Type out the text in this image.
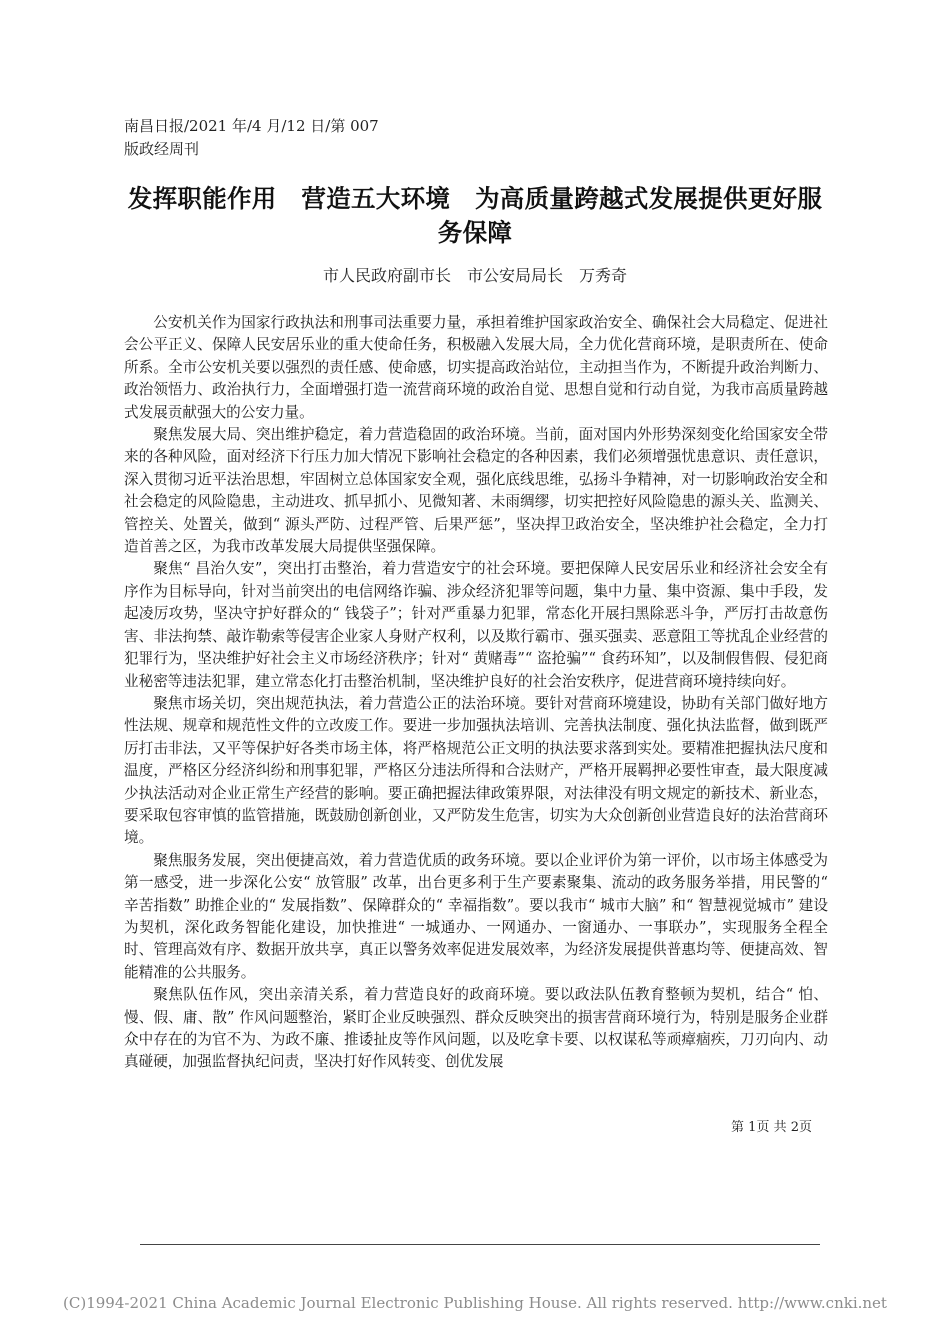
南昌日报/2021 年/4 月/12 日/第 007
版政经周刊
发挥职能作用　营造五大环境　为高质量跨越式发展提供更好服务保障
市人民政府副市长　市公安局局长　万秀奇

公安机关作为国家行政执法和刑事司法重要力量，承担着维护国家政治安全、确保社会大局稳定、促进社会公平正义、保障人民安居乐业的重大使命任务，积极融入发展大局，全力优化营商环境，是职责所在、使命所系。全市公安机关要以强烈的责任感、使命感，切实提高政治站位，主动担当作为，不断提升政治判断力、政治领悟力、政治执行力，全面增强打造一流营商环境的政治自觉、思想自觉和行动自觉，为我市高质量跨越式发展贡献强大的公安力量。

聚焦发展大局、突出维护稳定，着力营造稳固的政治环境。当前，面对国内外形势深刻变化给国家安全带来的各种风险，面对经济下行压力加大情况下影响社会稳定的各种因素，我们必须增强忧患意识、责任意识，深入贯彻习近平法治思想，牢固树立总体国家安全观，强化底线思维，弘扬斗争精神，对一切影响政治安全和社会稳定的风险隐患，主动进攻、抓早抓小、见微知著、未雨绸缪，切实把控好风险隐患的源头关、监测关、管控关、处置关，做到“ 源头严防、过程严管、后果严惩”，坚决捍卫政治安全，坚决维护社会稳定，全力打造首善之区，为我市改革发展大局提供坚强保障。

聚焦“ 昌治久安”，突出打击整治，着力营造安宁的社会环境。要把保障人民安居乐业和经济社会安全有序作为目标导向，针对当前突出的电信网络诈骗、涉众经济犯罪等问题，集中力量、集中资源、集中手段，发起凌厉攻势，坚决守护好群众的“ 钱袋子”；针对严重暴力犯罪，常态化开展扫黑除恶斗争，严厉打击故意伤害、非法拘禁、敲诈勒索等侵害企业家人身财产权利，以及欺行霸市、强买强卖、恶意阻工等扰乱企业经营的犯罪行为，坚决维护好社会主义市场经济秩序；针对“ 黄赌毒”“ 盗抢骗”“ 食药环知”，以及制假售假、侵犯商业秘密等违法犯罪，建立常态化打击整治机制，坚决维护良好的社会治安秩序，促进营商环境持续向好。

聚焦市场关切，突出规范执法，着力营造公正的法治环境。要针对营商环境建设，协助有关部门做好地方性法规、规章和规范性文件的立改废工作。要进一步加强执法培训、完善执法制度、强化执法监督，做到既严厉打击非法，又平等保护好各类市场主体，将严格规范公正文明的执法要求落到实处。要精准把握执法尺度和温度，严格区分经济纠纷和刑事犯罪，严格区分违法所得和合法财产，严格开展羁押必要性审查，最大限度减少执法活动对企业正常生产经营的影响。要正确把握法律政策界限，对法律没有明文规定的新技术、新业态，要采取包容审慎的监管措施，既鼓励创新创业，又严防发生危害，切实为大众创新创业营造良好的法治营商环境。

聚焦服务发展，突出便捷高效，着力营造优质的政务环境。要以企业评价为第一评价，以市场主体感受为第一感受，进一步深化公安“ 放管服” 改革，出台更多利于生产要素聚集、流动的政务服务举措，用民警的“ 辛苦指数” 助推企业的“ 发展指数”、保障群众的“ 幸福指数”。要以我市“ 城市大脑” 和“ 智慧视觉城市” 建设为契机，深化政务智能化建设，加快推进“ 一城通办、一网通办、一窗通办、一事联办”，实现服务全程全时、管理高效有序、数据开放共享，真正以警务效率促进发展效率，为经济发展提供普惠均等、便捷高效、智能精准的公共服务。

聚焦队伍作风，突出亲清关系，着力营造良好的政商环境。要以政法队伍教育整顿为契机，结合“ 怕、慢、假、庸、散” 作风问题整治，紧盯企业反映强烈、群众反映突出的损害营商环境行为，特别是服务企业群众中存在的为官不为、为政不廉、推诿扯皮等作风问题，以及吃拿卡要、以权谋私等顽瘴痼疾，刀刃向内、动真碰硬，加强监督执纪问责，坚决打好作风转变、创优发展

第 1页 共 2页
(C)1994-2021 China Academic Journal Electronic Publishing House. All rights reserved. http://www.cnki.net
